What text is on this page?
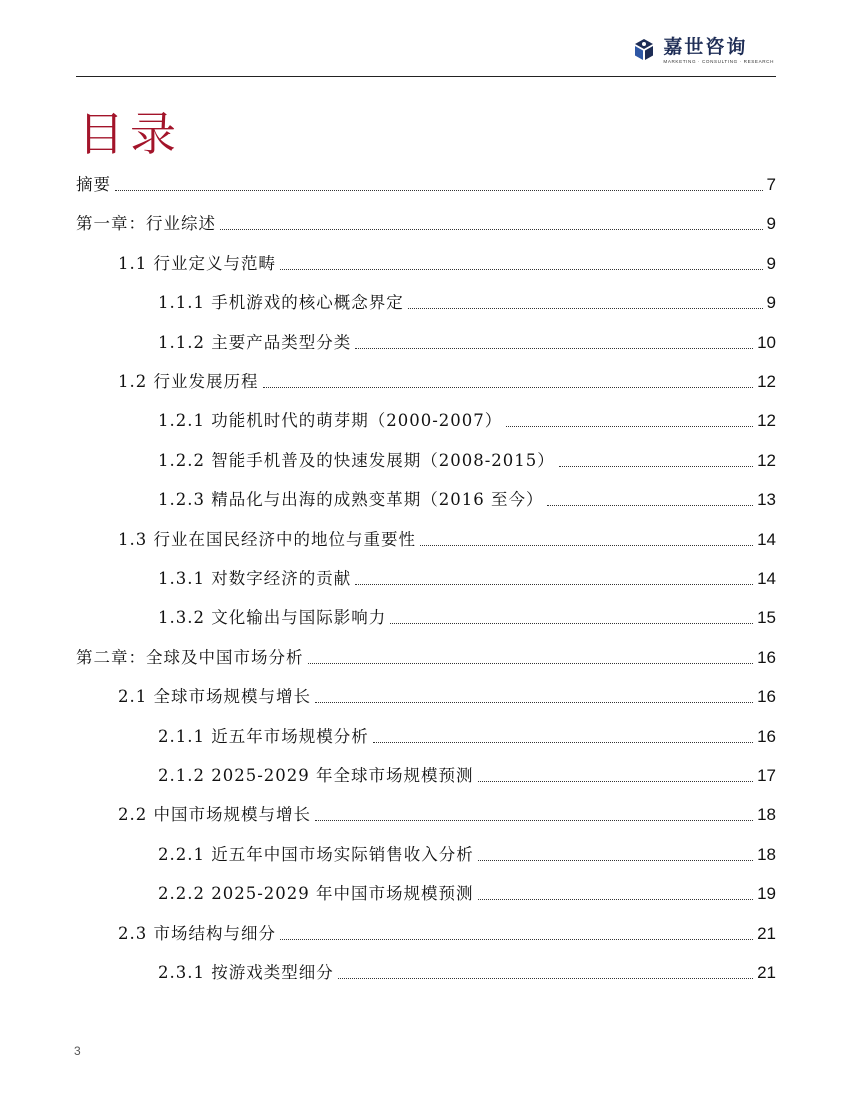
嘉世咨询
MARKETING · CONSULTING · RESEARCH
目录
摘要	7
第一章：行业综述	9
1.1 行业定义与范畴	9
1.1.1 手机游戏的核心概念界定	9
1.1.2 主要产品类型分类	10
1.2 行业发展历程	12
1.2.1 功能机时代的萌芽期（2000-2007）	12
1.2.2 智能手机普及的快速发展期（2008-2015）	12
1.2.3 精品化与出海的成熟变革期（2016 至今）	13
1.3 行业在国民经济中的地位与重要性	14
1.3.1 对数字经济的贡献	14
1.3.2 文化输出与国际影响力	15
第二章：全球及中国市场分析	16
2.1 全球市场规模与增长	16
2.1.1 近五年市场规模分析	16
2.1.2 2025-2029 年全球市场规模预测	17
2.2 中国市场规模与增长	18
2.2.1 近五年中国市场实际销售收入分析	18
2.2.2 2025-2029 年中国市场规模预测	19
2.3 市场结构与细分	21
2.3.1 按游戏类型细分	21
3
